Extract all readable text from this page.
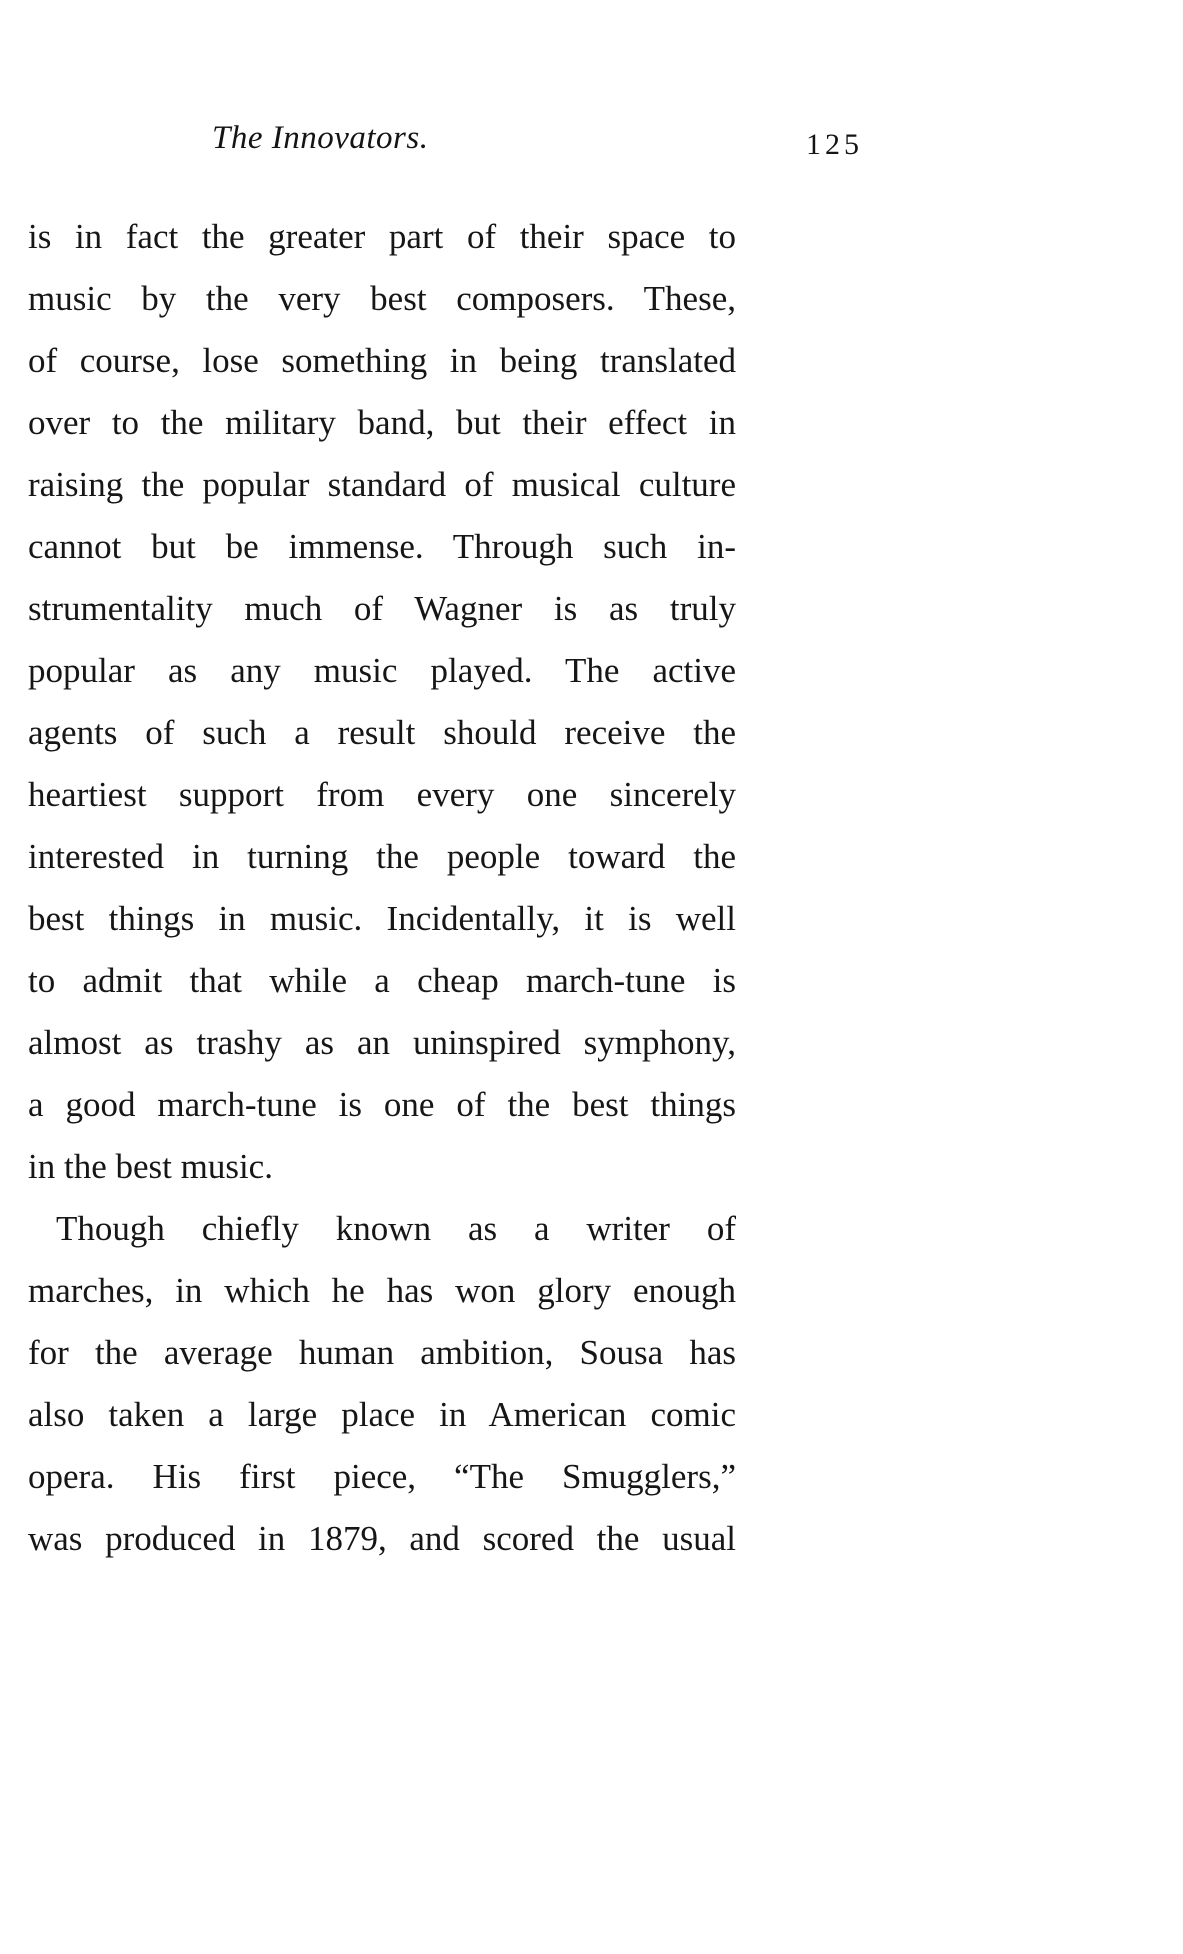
The Innovators.	125
is in fact the greater part of their space to
music by the very best composers. These,
of course, lose something in being translated
over to the military band, but their effect in
raising the popular standard of musical culture
cannot but be immense. Through such in-
strumentality much of Wagner is as truly
popular as any music played. The active
agents of such a result should receive the
heartiest support from every one sincerely
interested in turning the people toward the
best things in music. Incidentally, it is well
to admit that while a cheap march-tune is
almost as trashy as an uninspired symphony,
a good march-tune is one of the best things
in the best music.
Though chiefly known as a writer of
marches, in which he has won glory enough
for the average human ambition, Sousa has
also taken a large place in American comic
opera. His first piece, “The Smugglers,”
was produced in 1879, and scored the usual
